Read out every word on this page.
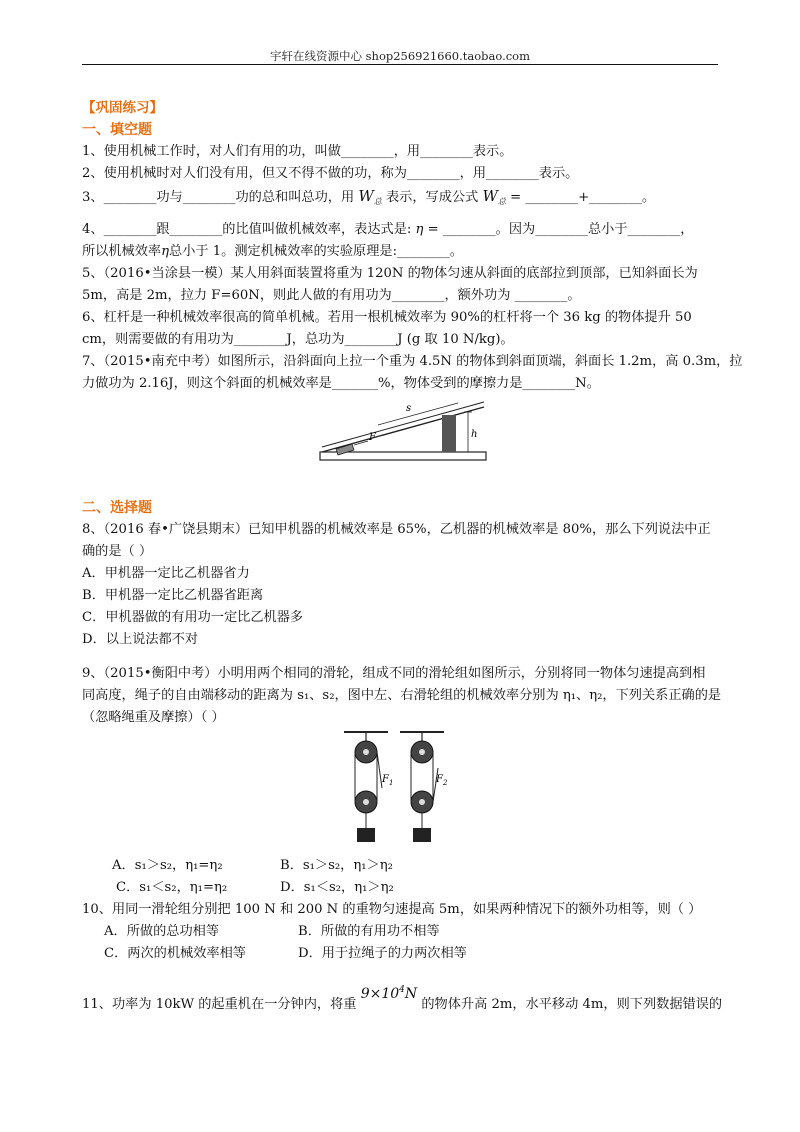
宇轩在线资源中心 shop256921660.taobao.com
【巩固练习】
一、填空题
1、使用机械工作时，对人们有用的功，叫做________，用________表示。
2、使用机械时对人们没有用，但又不得不做的功，称为________，用________表示。
3、________功与________功的总和叫总功，用 $W_总$ 表示，写成公式 $W_总$ = ________+________。
4、________跟________的比值叫做机械效率，表达式是: η = ________。因为________总小于________，
所以机械效率η总小于 1。测定机械效率的实验原理是:________。
5、（2016•当涂县一模）某人用斜面装置将重为 120N 的物体匀速从斜面的底部拉到顶部，已知斜面长为
5m，高是 2m，拉力 F=60N，则此人做的有用功为________，额外功为 ________。
6、杠杆是一种机械效率很高的简单机械。若用一根机械效率为 90%的杠杆将一个 36 kg 的物体提升 50
cm，则需要做的有用功为________J，总功为________J (g 取 10 N/kg)。
7、（2015•南充中考）如图所示，沿斜面向上拉一个重为 4.5N 的物体到斜面顶端，斜面长 1.2m，高 0.3m，拉
力做功为 2.16J，则这个斜面的机械效率是_______%，物体受到的摩擦力是________N。
h
s
F
二、选择题
8、（2016 春•广饶县期末）已知甲机器的机械效率是 65%，乙机器的机械效率是 80%，那么下列说法中正
确的是（ ）
A．甲机器一定比乙机器省力
B．甲机器一定比乙机器省距离
C．甲机器做的有用功一定比乙机器多
D．以上说法都不对
9、（2015•衡阳中考）小明用两个相同的滑轮，组成不同的滑轮组如图所示，分别将同一物体匀速提高到相
同高度，绳子的自由端移动的距离为 s₁、s₂，图中左、右滑轮组的机械效率分别为 η₁、η₂，下列关系正确的是
（忽略绳重及摩擦）（ ）
$F_1$	$F_2$
A．s₁＞s₂，η₁=η₂	B．s₁＞s₂，η₁＞η₂
C．s₁＜s₂，η₁=η₂	D．s₁＜s₂，η₁＞η₂
10、用同一滑轮组分别把 100 N 和 200 N 的重物匀速提高 5m，如果两种情况下的额外功相等，则（ ）
A．所做的总功相等	B．所做的有用功不相等
C．两次的机械效率相等	D．用于拉绳子的力两次相等
11、功率为 10kW 的起重机在一分钟内，将重 $9\times 10^4N$ 的物体升高 2m，水平移动 4m，则下列数据错误的
